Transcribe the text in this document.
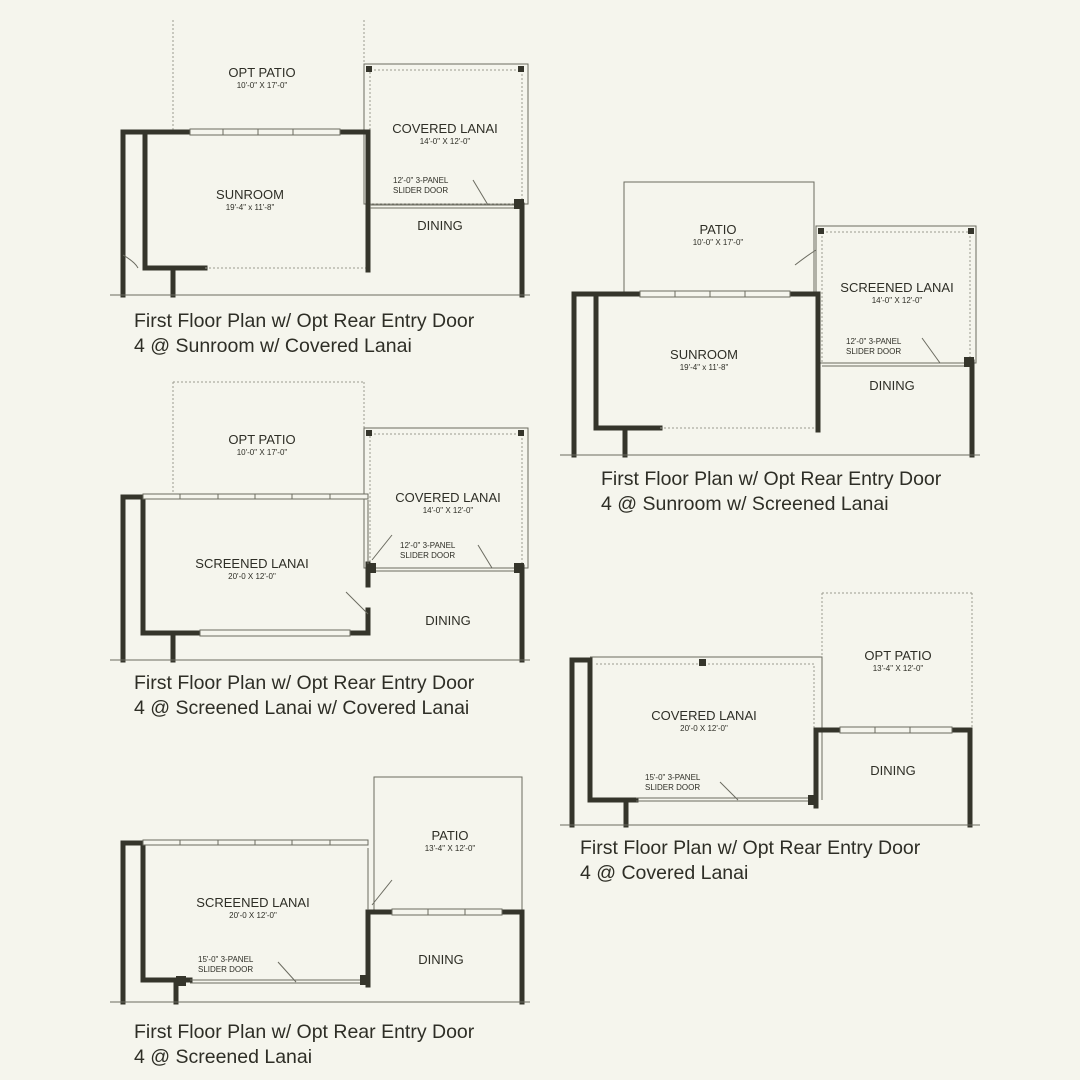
OPT PATIO
10'-0" X 17'-0"
COVERED LANAI
14'-0" X 12'-0"
SUNROOM
19'-4" x 11'-8"
DINING
12'-0" 3-PANEL
SLIDER DOOR
PATIO
10'-0" X 17'-0"
SCREENED LANAI
14'-0" X 12'-0"
SUNROOM
19'-4" x 11'-8"
DINING
12'-0" 3-PANEL
SLIDER DOOR
OPT PATIO
10'-0" X 17'-0"
COVERED LANAI
14'-0" X 12'-0"
SCREENED LANAI
20'-0 X 12'-0"
DINING
12'-0" 3-PANEL
SLIDER DOOR
COVERED LANAI
20'-0 X 12'-0"
OPT PATIO
13'-4" X 12'-0"
DINING
15'-0" 3-PANEL
SLIDER DOOR
PATIO
13'-4" X 12'-0"
SCREENED LANAI
20'-0 X 12'-0"
DINING
15'-0" 3-PANEL
SLIDER DOOR
First Floor Plan w/ Opt Rear Entry Door
4 @ Sunroom w/ Covered Lanai
First Floor Plan w/ Opt Rear Entry Door
4 @ Sunroom w/ Screened Lanai
First Floor Plan w/ Opt Rear Entry Door
4 @ Screened Lanai w/ Covered Lanai
First Floor Plan w/ Opt Rear Entry Door
4 @ Covered Lanai
First Floor Plan w/ Opt Rear Entry Door
4 @ Screened Lanai
